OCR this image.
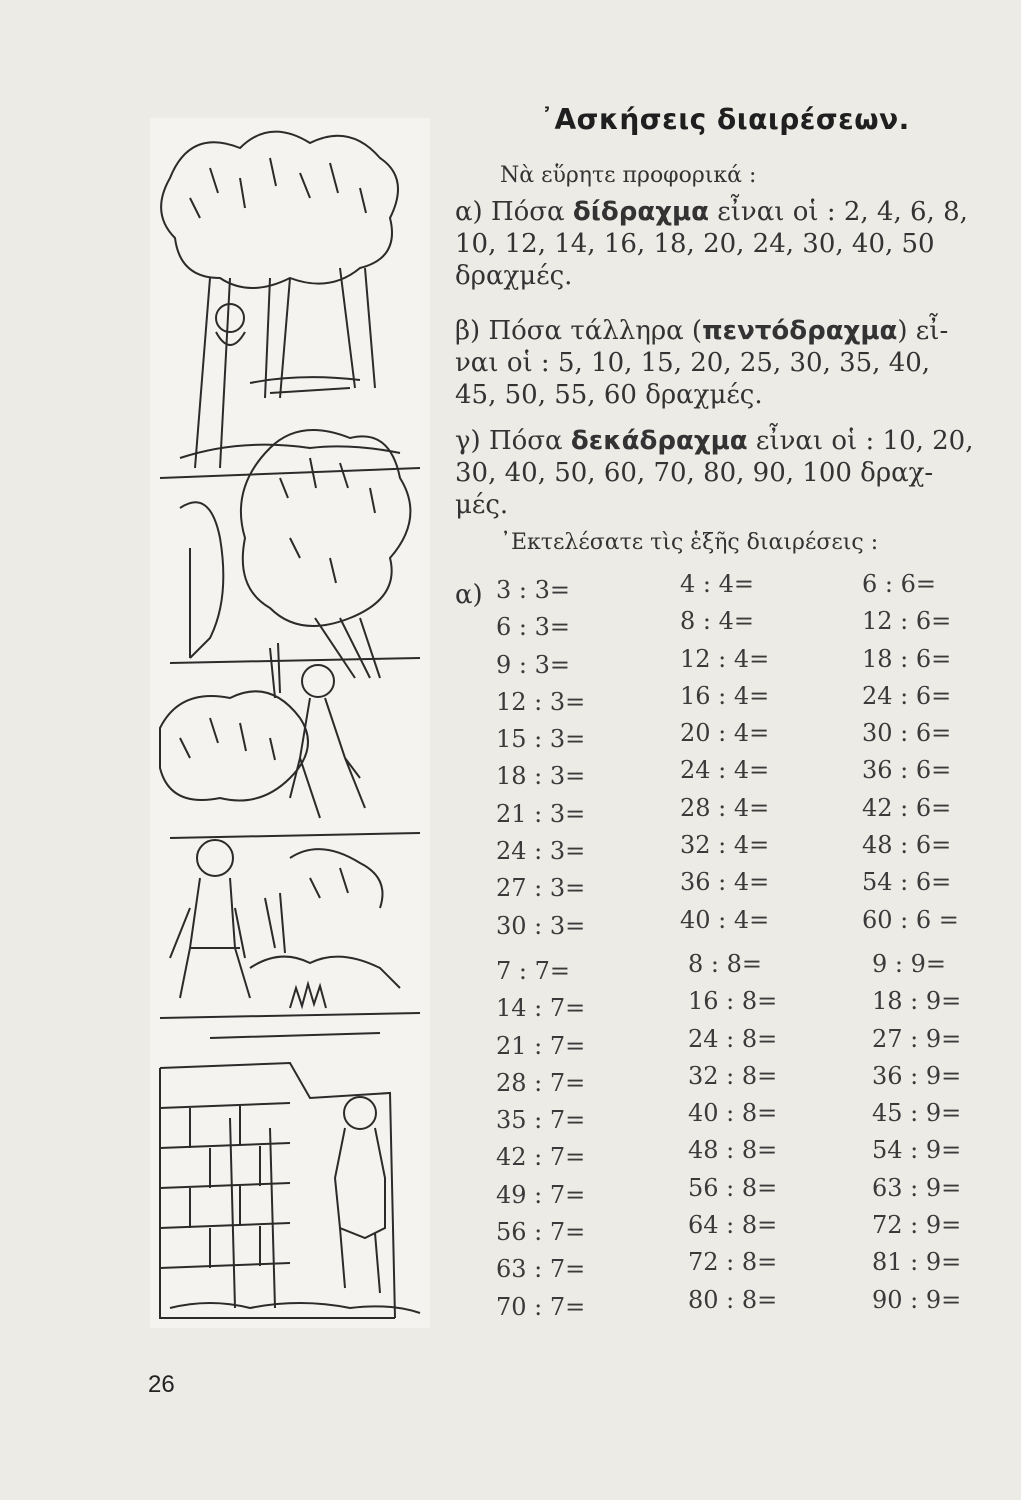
᾿Ασκήσεις διαιρέσεων.
Νὰ εὕρητε προφορικά :
α) Πόσα δίδραχμα εἶναι οἱ : 2, 4, 6, 8, 10, 12, 14, 16, 18, 20, 24, 30, 40, 50 δραχμές.
β) Πόσα τάλληρα (πεντόδραχμα) εἶ-ναι οἱ : 5, 10, 15, 20, 25, 30, 35, 40, 45, 50, 55, 60 δραχμές.
γ) Πόσα δεκάδραχμα εἶναι οἱ : 10, 20, 30, 40, 50, 60, 70, 80, 90, 100 δραχ-μές.
᾿Εκτελέσατε τὶς ἑξῆς διαιρέσεις :
α) 3 : 3=
6 : 3=
9 : 3=
12 : 3=
15 : 3=
18 : 3=
21 : 3=
24 : 3=
27 : 3=
30 : 3=
4 : 4=
8 : 4=
12 : 4=
16 : 4=
20 : 4=
24 : 4=
28 : 4=
32 : 4=
36 : 4=
40 : 4=
6 : 6=
12 : 6=
18 : 6=
24 : 6=
30 : 6=
36 : 6=
42 : 6=
48 : 6=
54 : 6=
60 : 6 =
7 : 7=
14 : 7=
21 : 7=
28 : 7=
35 : 7=
42 : 7=
49 : 7=
56 : 7=
63 : 7=
70 : 7=
8 : 8=
16 : 8=
24 : 8=
32 : 8=
40 : 8=
48 : 8=
56 : 8=
64 : 8=
72 : 8=
80 : 8=
9 : 9=
18 : 9=
27 : 9=
36 : 9=
45 : 9=
54 : 9=
63 : 9=
72 : 9=
81 : 9=
90 : 9=
26
